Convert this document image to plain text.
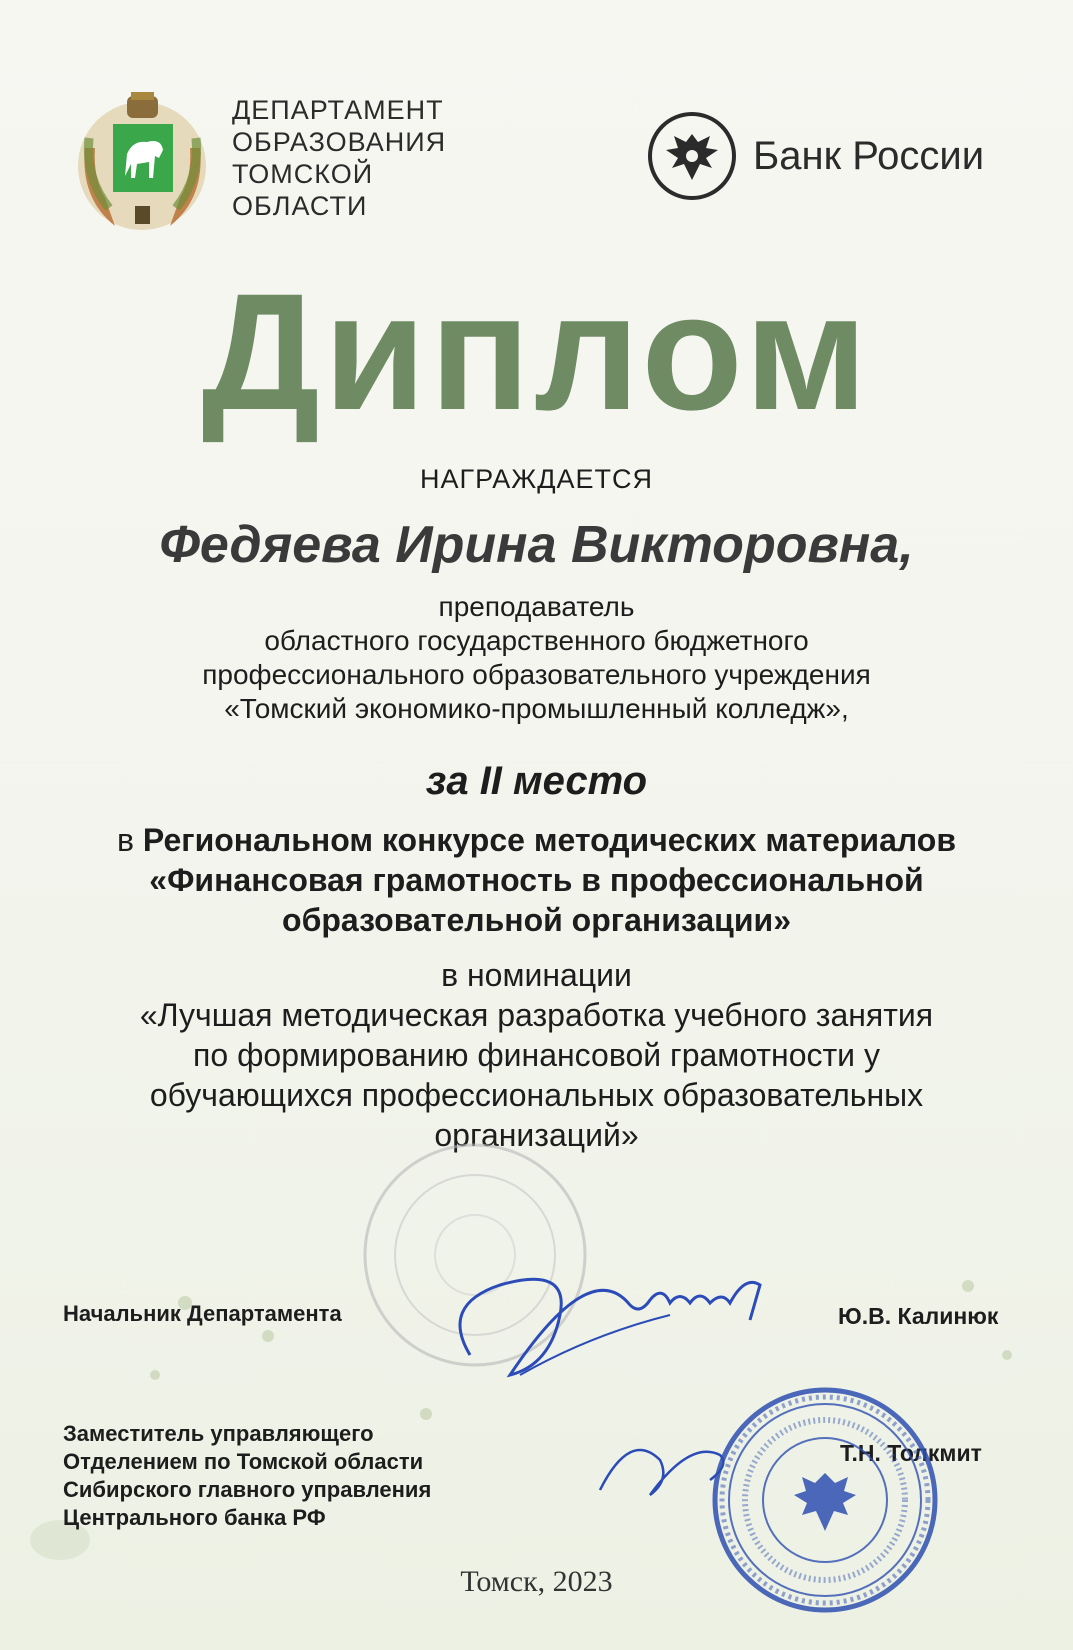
ДЕПАРТАМЕНТ
ОБРАЗОВАНИЯ
ТОМСКОЙ
ОБЛАСТИ
Банк России
Диплом
НАГРАЖДАЕТСЯ
Федяева Ирина Викторовна,
преподаватель
областного государственного бюджетного
профессионального образовательного учреждения
«Томский экономико-промышленный колледж»,
за II место
в Региональном конкурсе методических материалов
«Финансовая грамотность в профессиональной
образовательной организации»
в номинации
«Лучшая методическая разработка учебного занятия
по формированию финансовой грамотности у
обучающихся профессиональных образовательных
организаций»
Начальник Департамента	Ю.В. Калинюк
Заместитель управляющего
Отделением по Томской области
Сибирского главного управления
Центрального банка РФ
Т.Н. Толкмит
Томск, 2023
